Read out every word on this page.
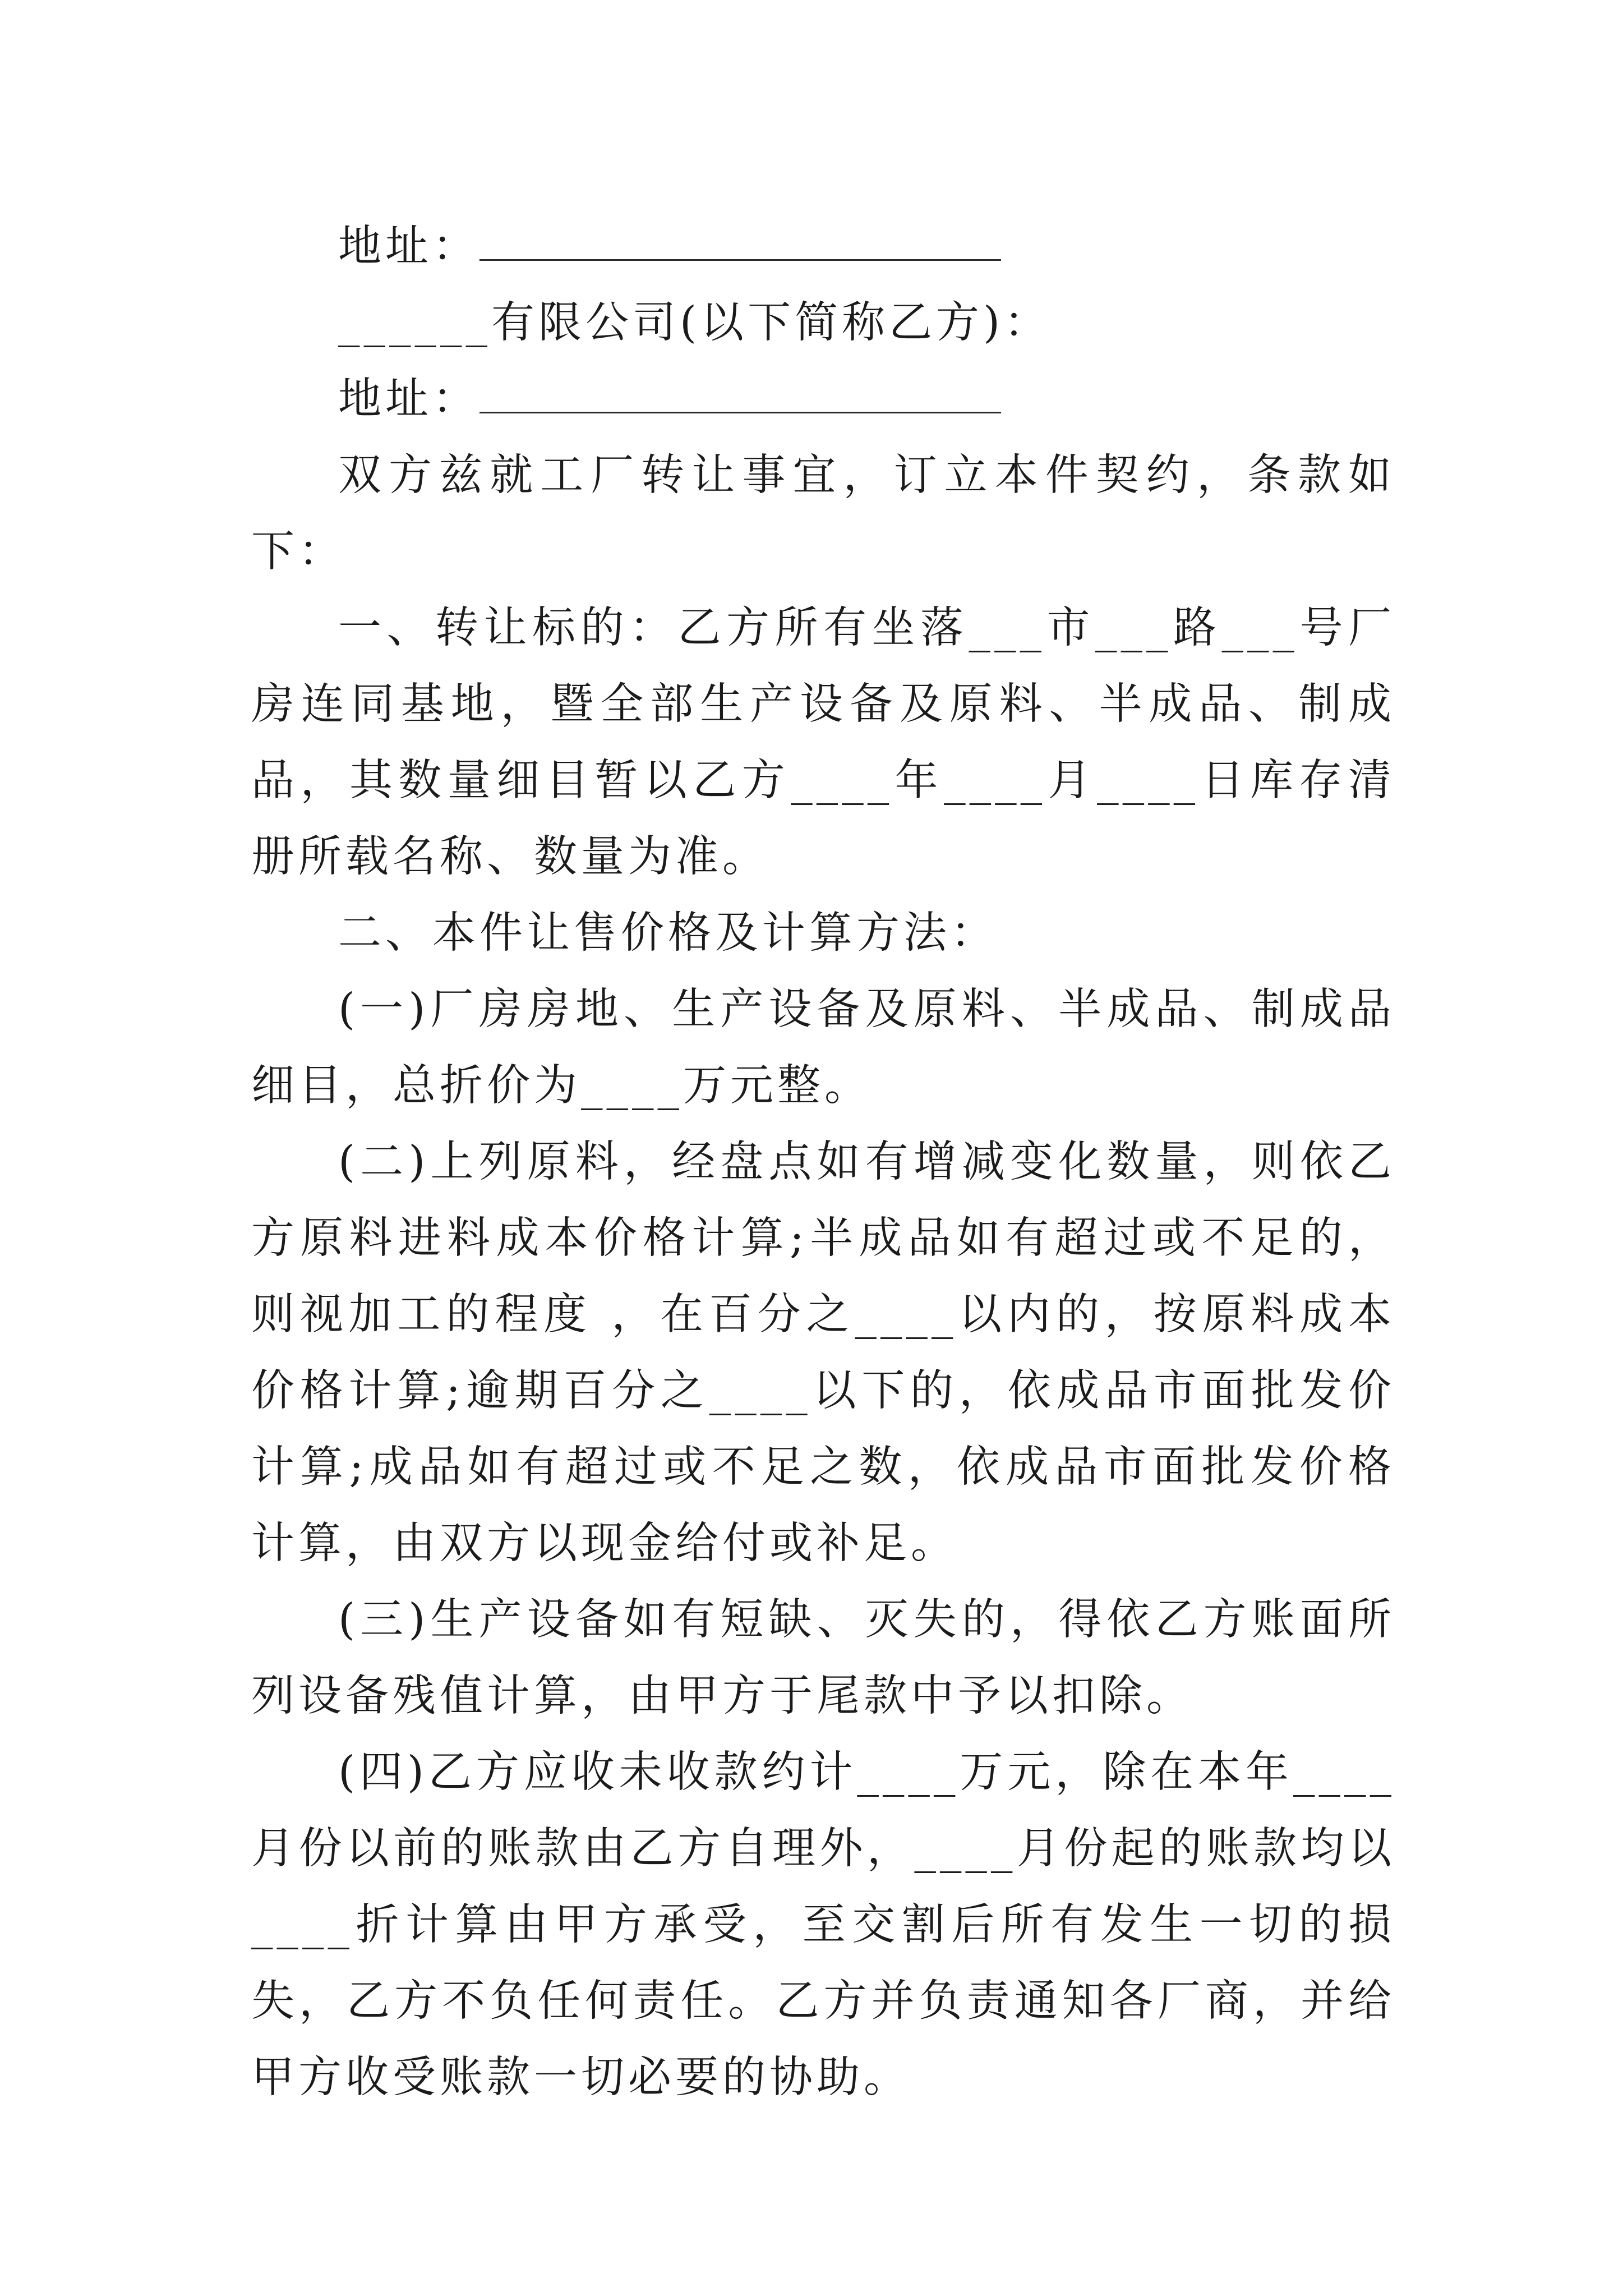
地址：

______有限公司(以下简称乙方)：

地址：

双方兹就工厂转让事宜，订立本件契约，条款如下：

一、转让标的：乙方所有坐落___市___路___号厂房连同基地，暨全部生产设备及原料、半成品、制成品，其数量细目暂以乙方____年____月____日库存清册所载名称、数量为准。

二、本件让售价格及计算方法：

(一)厂房房地、生产设备及原料、半成品、制成品细目，总折价为____万元整。

(二)上列原料，经盘点如有增减变化数量，则依乙方原料进料成本价格计算;半成品如有超过或不足的，则视加工的程度 ，在百分之____以内的，按原料成本价格计算;逾期百分之____以下的，依成品市面批发价计算;成品如有超过或不足之数，依成品市面批发价格计算，由双方以现金给付或补足。

(三)生产设备如有短缺、灭失的，得依乙方账面所列设备残值计算，由甲方于尾款中予以扣除。

(四)乙方应收未收款约计____万元，除在本年____月份以前的账款由乙方自理外，____月份起的账款均以____折计算由甲方承受，至交割后所有发生一切的损失，乙方不负任何责任。乙方并负责通知各厂商，并给甲方收受账款一切必要的协助。
